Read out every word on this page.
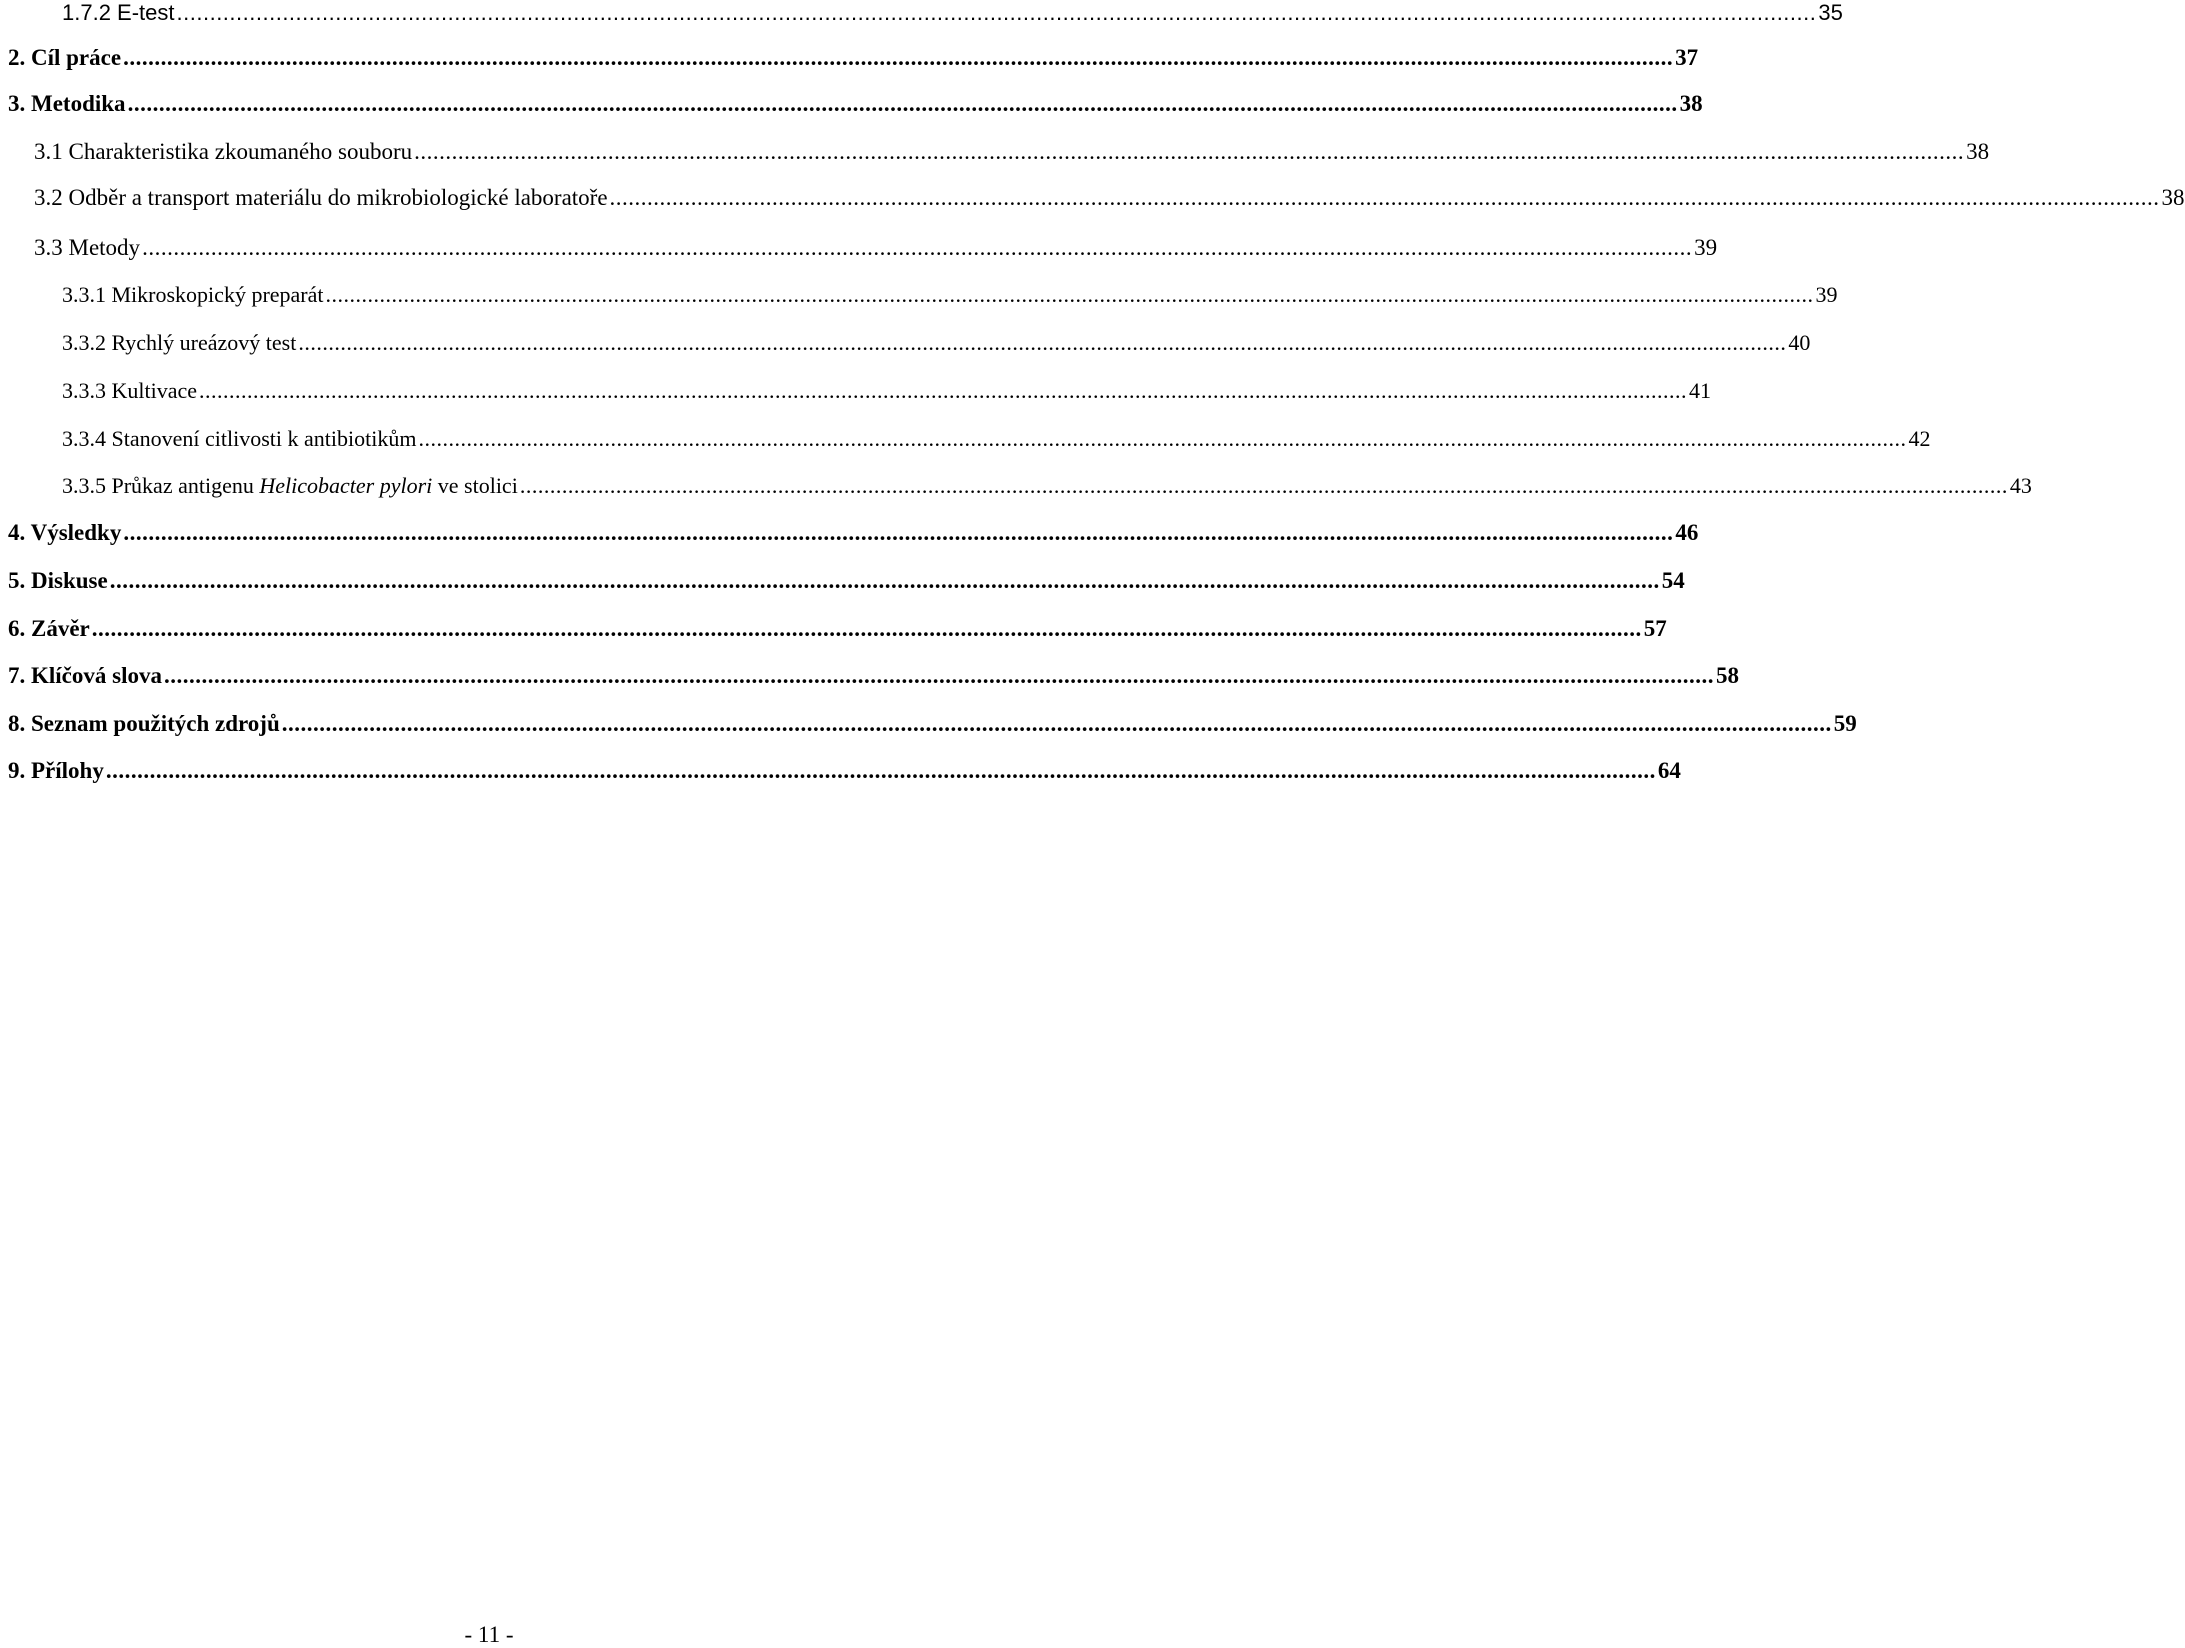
1.7.2 E-test ........................................................................................................................................................................................................................................................ 35
2. Cíl práce ........................................................................................................................................................................................................................................................ 37
3. Metodika ........................................................................................................................................................................................................................................................ 38
3.1 Charakteristika zkoumaného souboru ........................................................................................................................................................................................................................................................ 38
3.2 Odběr a transport materiálu do mikrobiologické laboratoře ........................................................................................................................................................................................................................................................ 38
3.3 Metody ........................................................................................................................................................................................................................................................ 39
3.3.1 Mikroskopický preparát ........................................................................................................................................................................................................................................................ 39
3.3.2 Rychlý ureázový test ........................................................................................................................................................................................................................................................ 40
3.3.3 Kultivace ........................................................................................................................................................................................................................................................ 41
3.3.4 Stanovení citlivosti k antibiotikům ........................................................................................................................................................................................................................................................ 42
3.3.5 Průkaz antigenu Helicobacter pylori ve stolici ........................................................................................................................................................................................................................................................ 43
4. Výsledky ........................................................................................................................................................................................................................................................ 46
5. Diskuse ........................................................................................................................................................................................................................................................ 54
6. Závěr ........................................................................................................................................................................................................................................................ 57
7. Klíčová slova ........................................................................................................................................................................................................................................................ 58
8. Seznam použitých zdrojů ........................................................................................................................................................................................................................................................ 59
9. Přílohy ........................................................................................................................................................................................................................................................ 64
- 11 -
